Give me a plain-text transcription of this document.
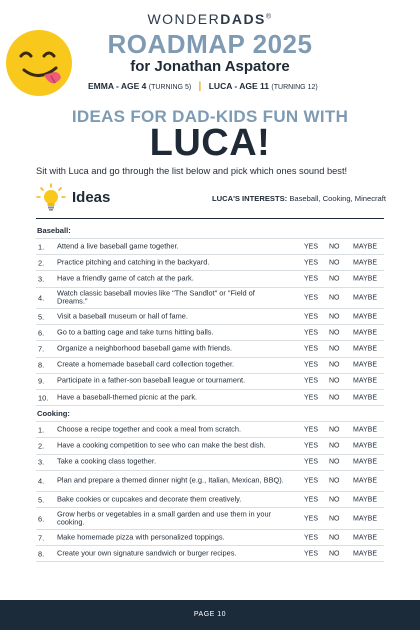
WONDERDADS®
ROADMAP 2025
for Jonathan Aspatore
EMMA - AGE 4 (TURNING 5) | LUCA - AGE 11 (TURNING 12)
IDEAS FOR DAD-KIDS FUN WITH
LUCA!
Sit with Luca and go through the list below and pick which ones sound best!
Ideas	LUCA'S INTERESTS: Baseball, Cooking, Minecraft
Baseball:
1. Attend a live baseball game together.	YES NO MAYBE
2. Practice pitching and catching in the backyard.	YES NO MAYBE
3. Have a friendly game of catch at the park.	YES NO MAYBE
4.
Watch classic baseball movies like "The Sandlot" or "Field of Dreams."	YES NO MAYBE
5. Visit a baseball museum or hall of fame.	YES NO MAYBE
6. Go to a batting cage and take turns hitting balls.	YES NO MAYBE
7. Organize a neighborhood baseball game with friends.	YES NO MAYBE
8. Create a homemade baseball card collection together.	YES NO MAYBE
9. Participate in a father-son baseball league or tournament.	YES NO MAYBE
10. Have a baseball-themed picnic at the park.	YES NO MAYBE
Cooking:
1. Choose a recipe together and cook a meal from scratch.	YES NO MAYBE
2. Have a cooking competition to see who can make the best dish.	YES NO MAYBE
3. Take a cooking class together.	YES NO MAYBE
4. Plan and prepare a themed dinner night (e.g., Italian, Mexican, BBQ).	YES NO MAYBE
5. Bake cookies or cupcakes and decorate them creatively.	YES NO MAYBE
6.
Grow herbs or vegetables in a small garden and use them in your cooking.	YES NO MAYBE
7. Make homemade pizza with personalized toppings.	YES NO MAYBE
8. Create your own signature sandwich or burger recipes.	YES NO MAYBE
PAGE 10
